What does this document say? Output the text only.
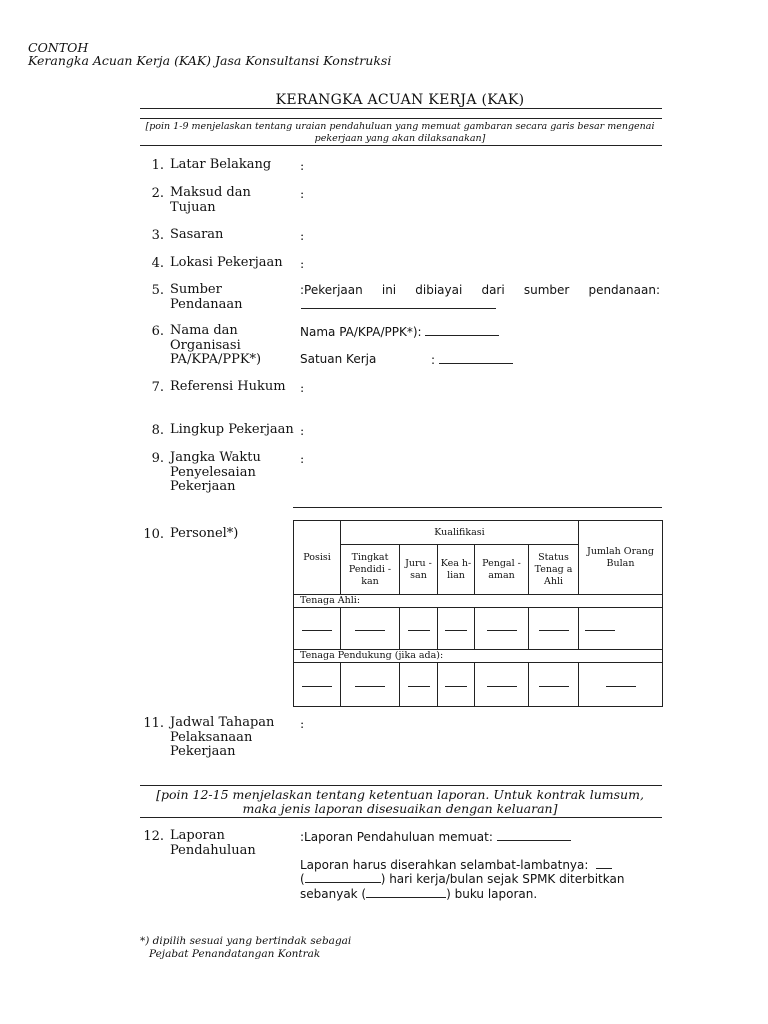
CONTOH
Kerangka Acuan Kerja (KAK) Jasa Konsultansi Konstruksi
KERANGKA ACUAN KERJA (KAK)
[poin 1-9 menjelaskan tentang uraian pendahuluan yang memuat gambaran secara garis besar mengenai
pekerjaan yang akan dilaksanakan]
1. Latar Belakang	:
2. Maksud dan Tujuan
:
3. Sasaran	:
4. Lokasi Pekerjaan	:
5. Sumber Pendanaan
:Pekerjaan ini dibiayai dari sumber pendanaan:
6. Nama dan Organisasi PA/KPA/PPK*)
Nama PA/KPA/PPK*):
Satuan Kerja	:
7. Referensi Hukum	:
8. Lingkup Pekerjaan :
9. Jangka Waktu Penyelesaian Pekerjaan
:
10. Personel*)
Posisi	Kualifikasi					Jumlah Orang Bulan
	Tingkat Pendidi -kan	Juru -san	Kea h- lian	Pengal -aman	Status Tenag a Ahli	
Tenaga Ahli:						

Tenaga Pendukung (jika ada):						

11. Jadwal Tahapan Pelaksanaan Pekerjaan
:
[poin 12-15 menjelaskan tentang ketentuan laporan. Untuk kontrak lumsum,
maka jenis laporan disesuaikan dengan keluaran]
12. Laporan Pendahuluan
:Laporan Pendahuluan memuat:
Laporan harus diserahkan selambat-lambatnya:
(	) hari kerja/bulan sejak SPMK diterbitkan
sebanyak (	) buku laporan.
*) dipilih sesuai yang bertindak sebagai
Pejabat Penandatangan Kontrak
